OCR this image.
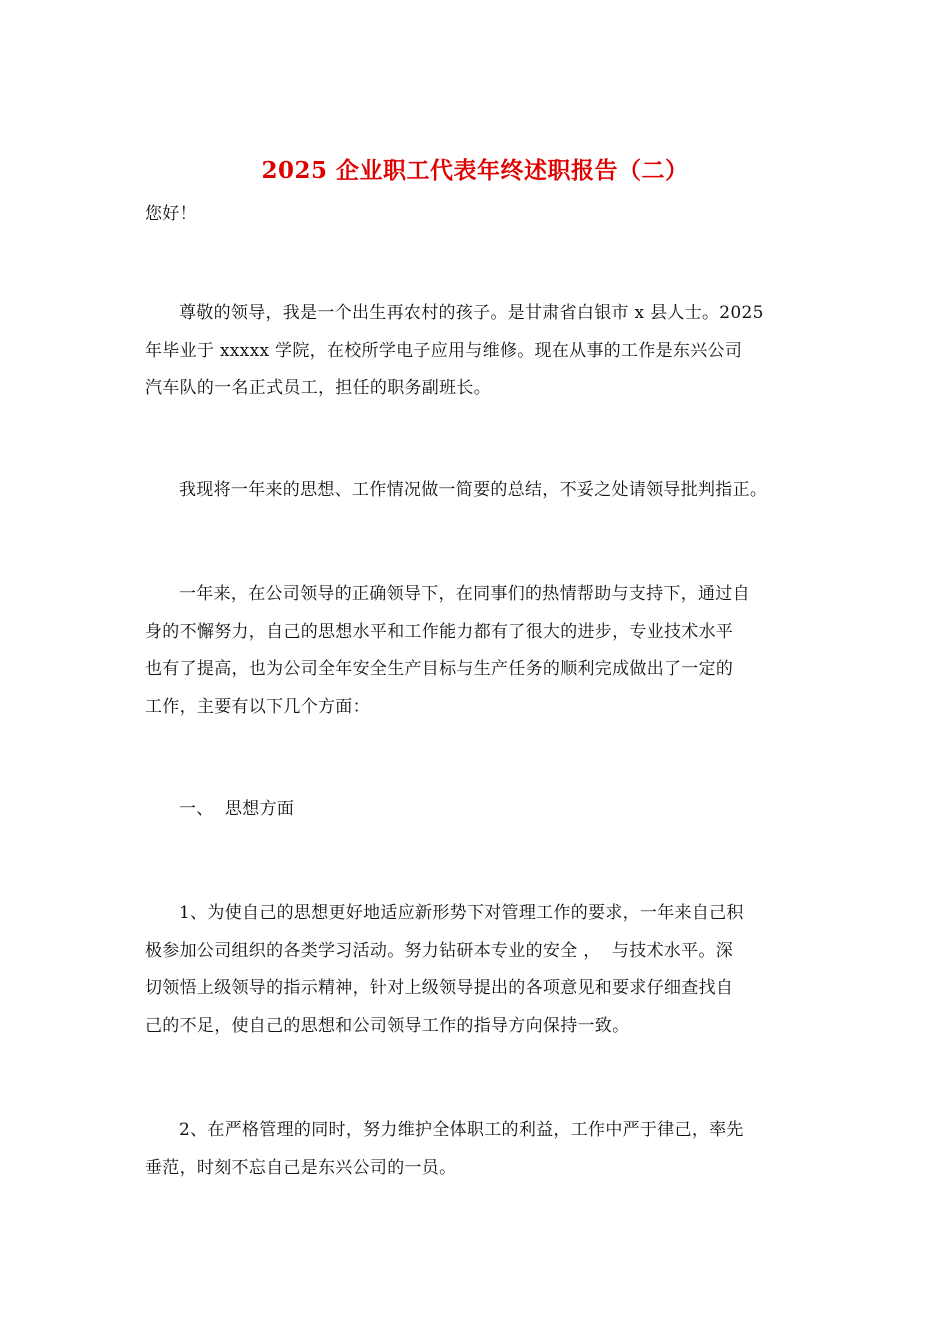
2025 企业职工代表年终述职报告（二）

您好！

尊敬的领导，我是一个出生再农村的孩子。是甘肃省白银市 x 县人士。2025
年毕业于 xxxxx 学院，在校所学电子应用与维修。现在从事的工作是东兴公司
汽车队的一名正式员工，担任的职务副班长。

我现将一年来的思想、工作情况做一简要的总结，不妥之处请领导批判指正。

一年来，在公司领导的正确领导下，在同事们的热情帮助与支持下，通过自
身的不懈努力，自己的思想水平和工作能力都有了很大的进步，专业技术水平
也有了提高，也为公司全年安全生产目标与生产任务的顺利完成做出了一定的
工作，主要有以下几个方面：

一、  思想方面

1、为使自己的思想更好地适应新形势下对管理工作的要求，一年来自己积
极参加公司组织的各类学习活动。努力钻研本专业的安全 ，  与技术水平。深
切领悟上级领导的指示精神，针对上级领导提出的各项意见和要求仔细查找自
己的不足，使自己的思想和公司领导工作的指导方向保持一致。

2、在严格管理的同时，努力维护全体职工的利益，工作中严于律己，率先
垂范，时刻不忘自己是东兴公司的一员。
